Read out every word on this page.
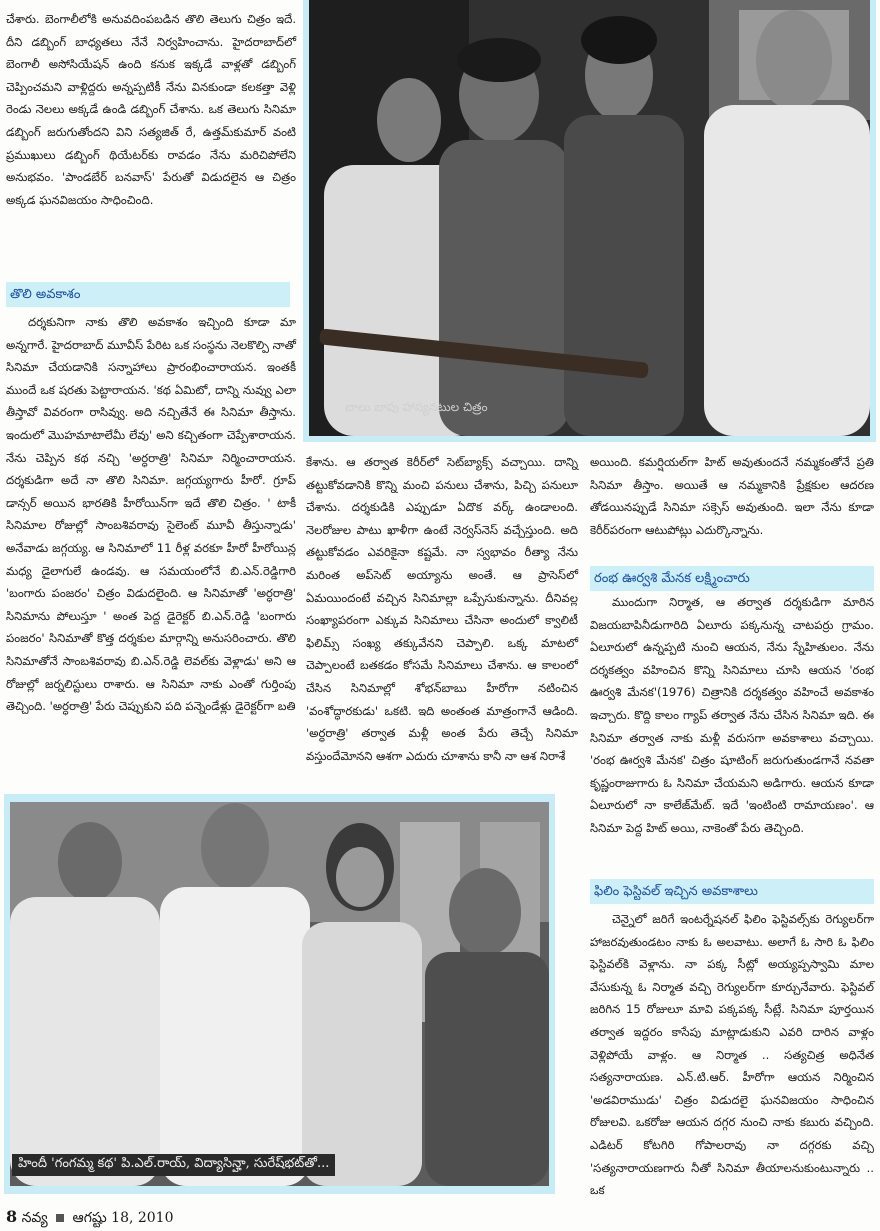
బాలు బాపు హాస్యనటుల చిత్రం

చేశారు. బెంగాలీలోకి అనువదింపబడిన తొలి తెలుగు చిత్రం ఇదే. దీని డబ్బింగ్ బాధ్యతలు నేనే నిర్వహించాను. హైదరాబాద్‌లో బెంగాలీ అసోసియేషన్ ఉంది కనుక ఇక్కడే వాళ్లతో డబ్బింగ్ చెప్పించమని వాళ్లిద్దరు అన్నప్పటికీ నేను వినకుండా కలకత్తా వెళ్లి రెండు నెలలు అక్కడే ఉండి డబ్బింగ్ చేశాను. ఒక తెలుగు సినిమా డబ్బింగ్ జరుగుతోందని విని సత్యజిత్ రే, ఉత్తమ్‌కుమార్ వంటి ప్రముఖులు డబ్బింగ్ థియేటర్‌కు రావడం నేను మరిచిపోలేని అనుభవం. 'పాండబేర్ బనవాస్' పేరుతో విడుదలైన ఆ చిత్రం అక్కడ ఘనవిజయం సాధించింది.

తొలి అవకాశం

దర్శకునిగా నాకు తొలి అవకాశం ఇచ్చింది కూడా మా అన్నగారే. హైదరాబాద్ మూవీస్ పేరిట ఒక సంస్థను నెలకొల్పి నాతో సినిమా చేయడానికి సన్నాహాలు ప్రారంభించారాయన. ఇంతకీ ముందే ఒక షరతు పెట్టారాయన. 'కథ ఏమిటో, దాన్ని నువ్వు ఎలా తీస్తావో వివరంగా రాసివ్వు. అది నచ్చితేనే ఈ సినిమా తీస్తాను. ఇందులో మొహమాటాలేమీ లేవు' అని కచ్చితంగా చెప్పేశారాయన. నేను చెప్పిన కథ నచ్చి 'అర్ధరాత్రి' సినిమా నిర్మించారాయన. దర్శకుడిగా అదే నా తొలి సినిమా. జగ్గయ్యగారు హీరో. గ్రూప్ డాన్సర్ అయిన భారతికి హీరోయిన్‌గా ఇదే తొలి చిత్రం. ' టాకీ సినిమాల రోజుల్లో సాంబశివరావు సైలెంట్ మూవీ తీస్తున్నాడు' అనేవాడు జగ్గయ్య. ఆ సినిమాలో 11 రీళ్ల వరకూ హీరో హీరోయిన్ల మధ్య డైలాగులే ఉండవు. ఆ సమయంలోనే బి.ఎన్.రెడ్డిగారి 'బంగారు పంజరం' చిత్రం విడుదలైంది. ఆ సినిమాతో 'అర్ధరాత్రి' సినిమాను పోలుస్తూ ' అంత పెద్ద డైరెక్టర్ బి.ఎన్.రెడ్డి 'బంగారు పంజరం' సినిమాతో కొత్త దర్శకుల మార్గాన్ని అనుసరించారు. తొలి సినిమాతోనే సాంబశివరావు బి.ఎన్.రెడ్డి లెవల్‌కు వెళ్లాడు' అని ఆ రోజుల్లో జర్నలిస్టులు రాశారు. ఆ సినిమా నాకు ఎంతో గుర్తింపు తెచ్చింది. 'అర్ధరాత్రి' పేరు చెప్పుకుని పది పన్నెండేళ్లు డైరెక్టర్‌గా బతి

కేశాను. ఆ తర్వాత కెరీర్‌లో సెట్‌బ్యాక్స్ వచ్చాయి. దాన్ని తట్టుకోవడానికి కొన్ని మంచి పనులు చేశాను, పిచ్చి పనులూ చేశాను. దర్శకుడికి ఎప్పుడూ ఏదొక వర్క్ ఉండాలంది. నెలరోజుల పాటు ఖాళీగా ఉంటే నెర్వస్‌నెస్ వచ్చేస్తుంది. అది తట్టుకోవడం ఎవరికైనా కష్టమే. నా స్వభావం రీత్యా నేను మరింత అప్‌సెట్ అయ్యాను అంతే. ఆ ప్రాసెస్‌లో ఏమయిందంటే వచ్చిన సినిమాల్లా ఒప్పేసుకున్నాను. దీనివల్ల సంఖ్యాపరంగా ఎక్కువ సినిమాలు చేసినా అందులో క్వాలిటీ ఫిలిమ్స్ సంఖ్య తక్కువేనని చెప్పాలి. ఒక్క మాటలో చెప్పాలంటే బతకడం కోసమే సినిమాలు చేశాను. ఆ కాలంలో చేసిన సినిమాల్లో శోభన్‌బాబు హీరోగా నటించిన 'వంశోద్ధారకుడు' ఒకటి. ఇది అంతంత మాత్రంగానే ఆడింది. 'అర్ధరాత్రి' తర్వాత మళ్లీ అంత పేరు తెచ్చే సినిమా వస్తుందేమోనని ఆశగా ఎదురు చూశాను కానీ నా ఆశ నిరాశే

అయింది. కమర్షియల్‌గా హిట్ అవుతుందనే నమ్మకంతోనే ప్రతి సినిమా తీస్తాం. అయితే ఆ నమ్మకానికి ప్రేక్షకుల ఆదరణ తోడయినప్పుడే సినిమా సక్సెస్ అవుతుంది. ఇలా నేను కూడా కెరీర్‌పరంగా ఆటుపోట్లు ఎదుర్కొన్నాను.

రంభ ఊర్వశి మేనక లక్ష్మించారు

ముందుగా నిర్మాత, ఆ తర్వాత దర్శకుడిగా మారిన విజయబాపినీడుగారిది ఏలూరు పక్కనున్న చాటపర్రు గ్రామం. ఏలూరులో ఉన్నప్పటి నుంచి ఆయన, నేను స్నేహితులం. నేను దర్శకత్వం వహించిన కొన్ని సినిమాలు చూసి ఆయన 'రంభ ఊర్వశి మేనక'(1976) చిత్రానికి దర్శకత్వం వహించే అవకాశం ఇచ్చారు. కొద్ది కాలం గ్యాప్ తర్వాత నేను చేసిన సినిమా ఇది. ఈ సినిమా తర్వాత నాకు మళ్లీ వరుసగా అవకాశాలు వచ్చాయి. 'రంభ ఊర్వశి మేనక' చిత్రం షూటింగ్ జరుగుతుండగానే నవతా కృష్ణంరాజుగారు ఓ సినిమా చేయమని అడిగారు. ఆయన కూడా ఏలూరులో నా కాలేజ్‌మేట్. ఇదే 'ఇంటింటి రామాయణం'. ఆ సినిమా పెద్ద హిట్ అయి, నాకెంతో పేరు తెచ్చింది.

ఫిలిం ఫెస్టివల్ ఇచ్చిన అవకాశాలు

చెన్నైలో జరిగే ఇంటర్నేషనల్ ఫిలిం ఫెస్టివల్స్‌కు రెగ్యులర్‌గా హాజరవుతుండటం నాకు ఓ అలవాటు. అలాగే ఓ సారి ఓ ఫిలిం ఫెస్టివల్‌కి వెళ్లాను. నా పక్క సీట్లో అయ్యప్పస్వామి మాల వేసుకున్న ఓ నిర్మాత వచ్చి రెగ్యులర్‌గా కూర్చునేవారు. ఫెస్టివల్ జరిగిన 15 రోజులూ మావి పక్కపక్క సీట్లే. సినిమా పూర్తయిన తర్వాత ఇద్దరం కాసేపు మాట్లాడుకుని ఎవరి దారిన వాళ్లం వెళ్లిపోయే వాళ్లం. ఆ నిర్మాత .. సత్యచిత్ర అధినేత సత్యనారాయణ. ఎన్.టి.ఆర్. హీరోగా ఆయన నిర్మించిన 'అడవిరాముడు' చిత్రం విడుదలై ఘనవిజయం సాధించిన రోజులవి. ఒకరోజు ఆయన దగ్గర నుంచి నాకు కబురు వచ్చింది. ఎడిటర్ కోటగిరి గోపాలరావు నా దగ్గరకు వచ్చి 'సత్యనారాయణగారు నీతో సినిమా తీయాలనుకుంటున్నారు .. ఒక

హిందీ 'గంగమ్మ కథ' పి.ఎల్.రాయ్, విద్యాసిన్హా, సురేష్‌భట్‌తో...
8 నవ్య ఆగష్టు 18, 2010
